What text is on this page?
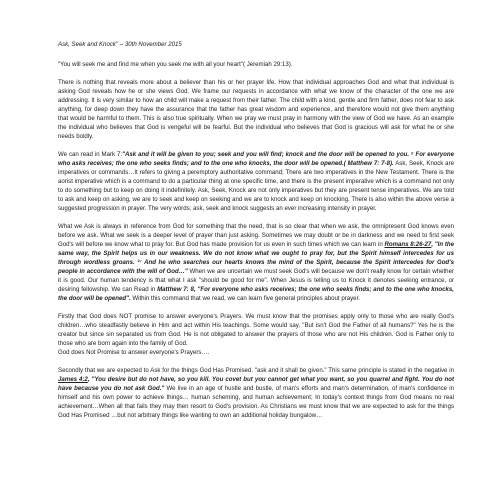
Ask, Seek and Knock" – 30th November 2015

"You will seek me and find me when you seek me with all your heart"( Jeremiah 29:13).

There is nothing that reveals more about a believer than his or her prayer life. How that individual approaches God and what that individual is asking God reveals how he or she views God. We frame our requests in accordance with what we know of the character of the one we are addressing. It is very similar to how an child will make a request from their father. The child with a kind, gentle and firm father, does not fear to ask anything, for deep down they have the assurance that the father has great wisdom and experience, and therefore would not give them anything that would be harmful to them. This is also true spiritually. When we pray we must pray in harmony with the view of God we have. As an example the individual who believes that God is vengeful will be fearful. But the individual who believes that God is gracious will ask for what he or she needs boldly.

We can read in Mark 7:"Ask and it will be given to you; seek and you will find; knock and the door will be opened to you. ⁸ For everyone who asks receives; the one who seeks finds; and to the one who knocks, the door will be opened.( Matthew 7: 7-8). Ask, Seek, Knock are imperatives or commands…It refers to giving a peremptory authoritative command; There are two imperatives in the New Testament. There is the aorist imperative which is a command to do a particular thing at one specific time, and there is the present imperative which is a command not only to do something but to keep on doing it indefinitely. Ask, Seek, Knock are not only imperatives but they are present tense imperatives. We are told to ask and keep on asking, we are to seek and keep on seeking and we are to knock and keep on knocking. There is also within the above verse a suggested progression in prayer. The very words; ask, seek and knock suggests an ever increasing intensity in prayer.

What we Ask is always in reference from God for something that the need, that is so clear that when we ask, the omnipresent God knows even before we ask. What we seek is a deeper level of prayer than just asking. Sometimes we may doubt or be in darkness and we need to first seek God's will before we know what to pray for. But God has made provision for us even in such times which we can learn in Romans 8:26-27, "In the same way, the Spirit helps us in our weakness. We do not know what we ought to pray for, but the Spirit himself intercedes for us through wordless groans. ²⁷ And he who searches our hearts knows the mind of the Spirit, because the Spirit intercedes for God's people in accordance with the will of God…" When we are uncertain we must seek God's will because we don't really know for certain whether it is good. Our human tendency is that what I ask "should be good for me". When Jesus is telling us to Knock it denotes seeking entrance, or desiring fellowship. We can Read in Matthew 7: 8, "For everyone who asks receives; the one who seeks finds; and to the one who knocks, the door will be opened". Within this command that we read, we can learn five general principles about prayer.

Firstly that God does NOT promise to answer everyone's Prayers. We must know that the promises apply only to those who are really God's children…who steadfastly believe in Him and act within His teachings. Some would say, "But isn't God the Father of all humans?" Yes he is the creator but since sin separated us from God. He is not obligated to answer the prayers of those who are not His children. God is Father only to those who are born again into the family of God.

God does Not Promise to answer everyone's Prayers….

Secondly that we are expected to Ask for the things God Has Promised. "ask and it shall be given." This same principle is stated in the negative in James 4:2, "You desire but do not have, so you kill. You covet but you cannot get what you want, so you quarrel and fight. You do not have because you do not ask God." We live in an age of hustle and bustle, of man's efforts and man's determination, of man's confidence in himself and his own power to achieve things… human scheming, and human achievement; In today's context things from God means no real achievement…When all that fails they may then resort to God's provision. As Christians we must know that we are expected to ask for the things God Has Promised …but not arbitrary things like wanting to own an additional holiday bungalow…
